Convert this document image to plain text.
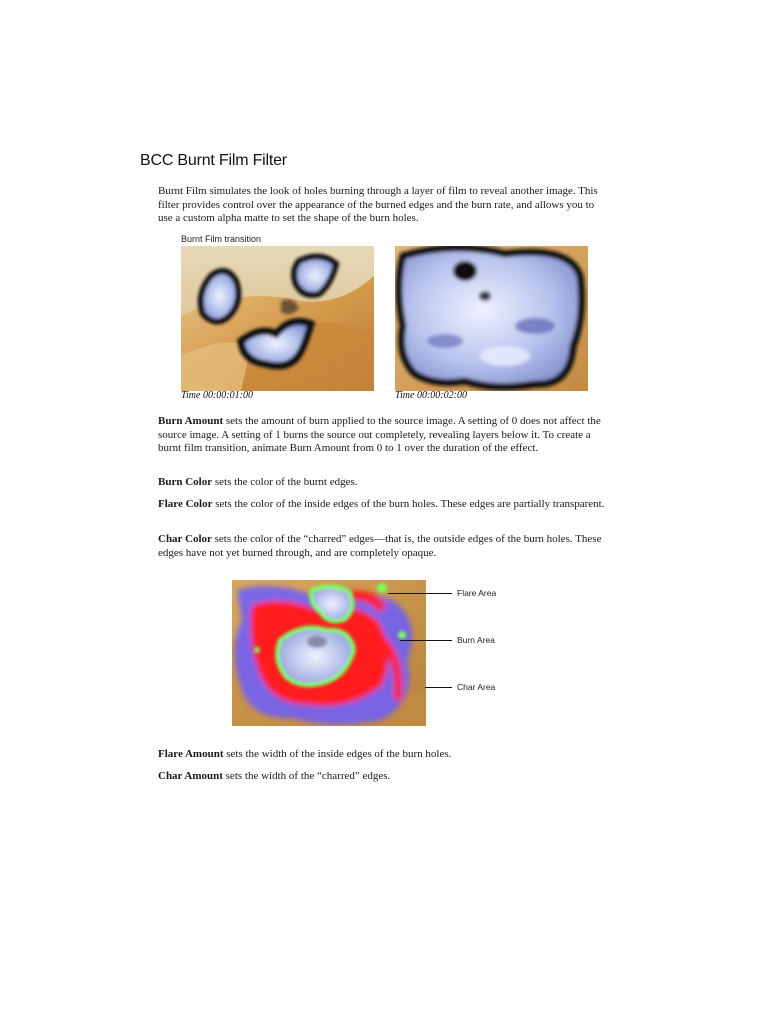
BCC Burnt Film Filter

Burnt Film simulates the look of holes burning through a layer of film to reveal another image. This filter provides control over the appearance of the burned edges and the burn rate, and allows you to use a custom alpha matte to set the shape of the burn holes.

Burnt Film transition
Time 00:00:01:00	Time 00:00:02:00

Burn Amount sets the amount of burn applied to the source image. A setting of 0 does not affect the source image. A setting of 1 burns the source out completely, revealing layers below it. To create a burnt film transition, animate Burn Amount from 0 to 1 over the duration of the effect.

Burn Color sets the color of the burnt edges.

Flare Color sets the color of the inside edges of the burn holes. These edges are partially transparent.

Char Color sets the color of the “charred” edges—that is, the outside edges of the burn holes. These edges have not yet burned through, and are completely opaque.

Flare Area
Burn Area
Char Area

Flare Amount sets the width of the inside edges of the burn holes.

Char Amount sets the width of the “charred” edges.
